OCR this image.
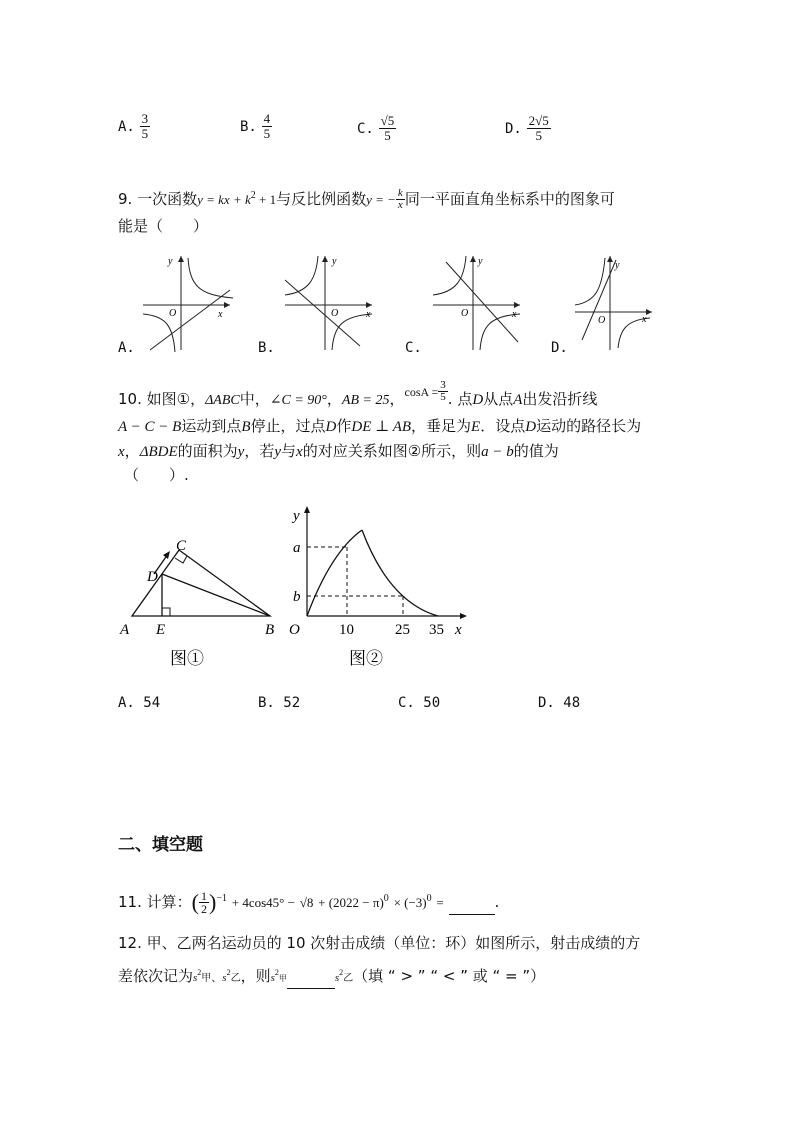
A. $\frac{3}{5}$	B. $\frac{4}{5}$	C. $\frac{√5}{5}$	D. $\frac{2√5}{5}$
9. 一次函数y = kx + $k^2 + 1$与反比例函数y = − $\frac{k}{x}$ 同一平面直角坐标系中的图象可
能是（　　）
y
x
O
y
x
O
y
x
O
y
x
O
A.	B.	C.	D.
10. 如图①，ΔABC中，∠C = 90°，AB = 25，$^{cosA =} \frac{3}{5}$ . 点D从点A出发沿折线
A − C − B运动到点B停止，过点D作DE ⊥ AB，垂足为E．设点D运动的路径长为
x，ΔBDE的面积为y，若y与x的对应关系如图②所示，则a − b的值为
（　　）.
A	B
C
D
E
图①
y
x
a
b
O	10	25 35
图②
A. 54	B. 52	C. 50	D. 48
二、填空题
11. 计算：( $\frac{1}{2} )^{-1} + 4\cos 45^\circ - √8 + (2022 - \pi)^0 \times (-3)^0$ =	.
12. 甲、乙两名运动员的 10 次射击成绩（单位：环）如图所示，射击成绩的方
差依次记为$s^2$甲、$s^2$乙，则$s^2$甲	$s^2$乙（填 “ > ” “ < ” 或 “ = ”）
